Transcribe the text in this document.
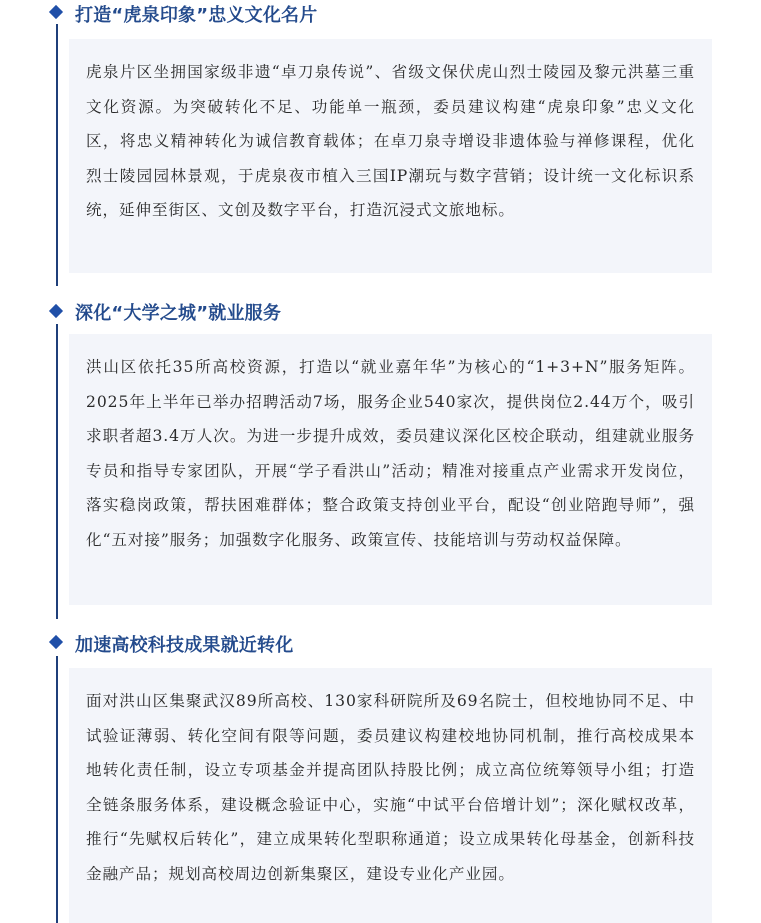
打造“虎泉印象”忠义文化名片

虎泉片区坐拥国家级非遗“卓刀泉传说”、省级文保伏虎山烈士陵园及黎元洪墓三重文化资源。为突破转化不足、功能单一瓶颈，委员建议构建“虎泉印象”忠义文化区，将忠义精神转化为诚信教育载体；在卓刀泉寺增设非遗体验与禅修课程，优化烈士陵园园林景观，于虎泉夜市植入三国IP潮玩与数字营销；设计统一文化标识系统，延伸至街区、文创及数字平台，打造沉浸式文旅地标。

深化“大学之城”就业服务

洪山区依托35所高校资源，打造以“就业嘉年华”为核心的“1+3+N”服务矩阵。2025年上半年已举办招聘活动7场，服务企业540家次，提供岗位2.44万个，吸引求职者超3.4万人次。为进一步提升成效，委员建议深化区校企联动，组建就业服务专员和指导专家团队，开展“学子看洪山”活动；精准对接重点产业需求开发岗位，落实稳岗政策，帮扶困难群体；整合政策支持创业平台，配设“创业陪跑导师”，强化“五对接”服务；加强数字化服务、政策宣传、技能培训与劳动权益保障。

加速高校科技成果就近转化

面对洪山区集聚武汉89所高校、130家科研院所及69名院士，但校地协同不足、中试验证薄弱、转化空间有限等问题，委员建议构建校地协同机制，推行高校成果本地转化责任制，设立专项基金并提高团队持股比例；成立高位统筹领导小组；打造全链条服务体系，建设概念验证中心，实施“中试平台倍增计划”；深化赋权改革，推行“先赋权后转化”，建立成果转化型职称通道；设立成果转化母基金，创新科技金融产品；规划高校周边创新集聚区，建设专业化产业园。
